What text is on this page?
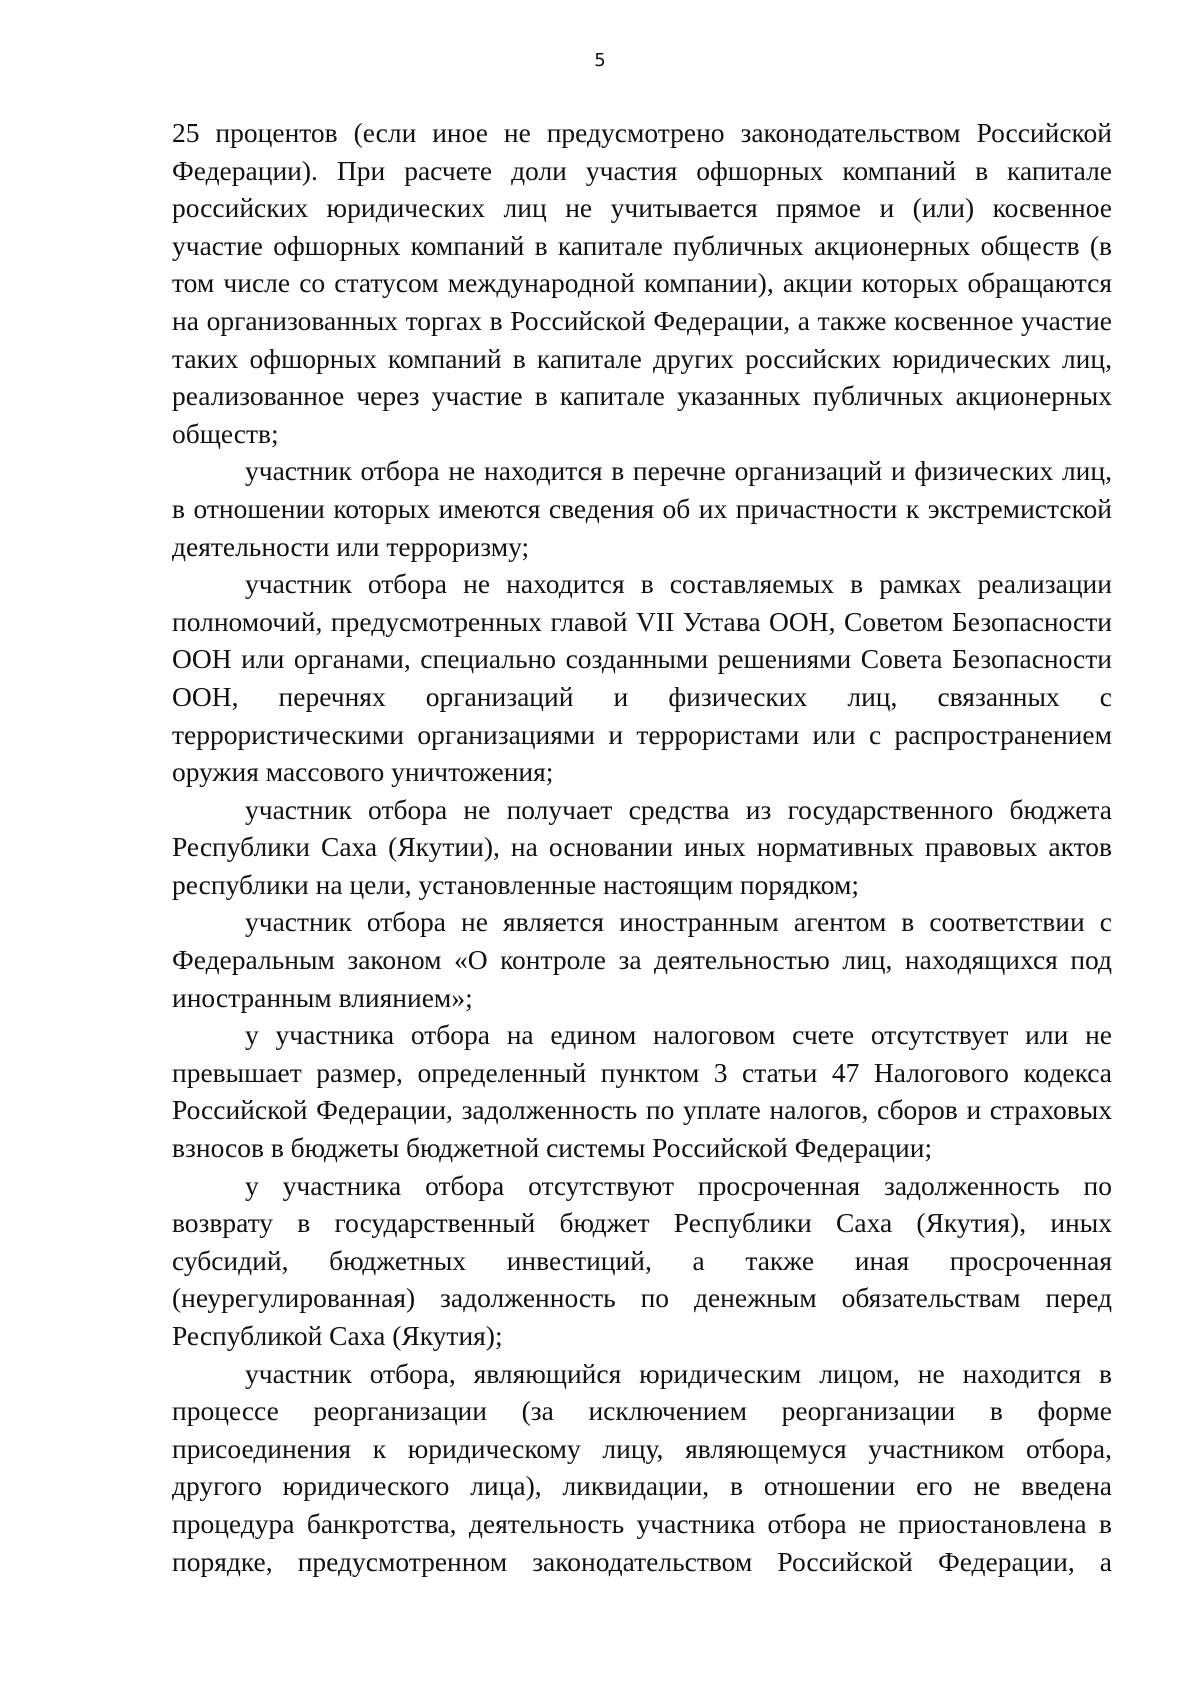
5

25 процентов (если иное не предусмотрено законодательством Российской Федерации). При расчете доли участия офшорных компаний в капитале российских юридических лиц не учитывается прямое и (или) косвенное участие офшорных компаний в капитале публичных акционерных обществ (в том числе со статусом международной компании), акции которых обращаются на организованных торгах в Российской Федерации, а также косвенное участие таких офшорных компаний в капитале других российских юридических лиц, реализованное через участие в капитале указанных публичных акционерных обществ;

участник отбора не находится в перечне организаций и физических лиц, в отношении которых имеются сведения об их причастности к экстремистской деятельности или терроризму;

участник отбора не находится в составляемых в рамках реализации полномочий, предусмотренных главой VII Устава ООН, Советом Безопасности ООН или органами, специально созданными решениями Совета Безопасности ООН, перечнях организаций и физических лиц, связанных с террористическими организациями и террористами или с распространением оружия массового уничтожения;

участник отбора не получает средства из государственного бюджета Республики Саха (Якутии), на основании иных нормативных правовых актов республики на цели, установленные настоящим порядком;

участник отбора не является иностранным агентом в соответствии с Федеральным законом «О контроле за деятельностью лиц, находящихся под иностранным влиянием»;

у участника отбора на едином налоговом счете отсутствует или не превышает размер, определенный пунктом 3 статьи 47 Налогового кодекса Российской Федерации, задолженность по уплате налогов, сборов и страховых взносов в бюджеты бюджетной системы Российской Федерации;

у участника отбора отсутствуют просроченная задолженность по возврату в государственный бюджет Республики Саха (Якутия), иных субсидий, бюджетных инвестиций, а также иная просроченная (неурегулированная) задолженность по денежным обязательствам перед Республикой Саха (Якутия);

участник отбора, являющийся юридическим лицом, не находится в процессе реорганизации (за исключением реорганизации в форме присоединения к юридическому лицу, являющемуся участником отбора, другого юридического лица), ликвидации, в отношении его не введена процедура банкротства, деятельность участника отбора не приостановлена в порядке, предусмотренном законодательством Российской Федерации, а
